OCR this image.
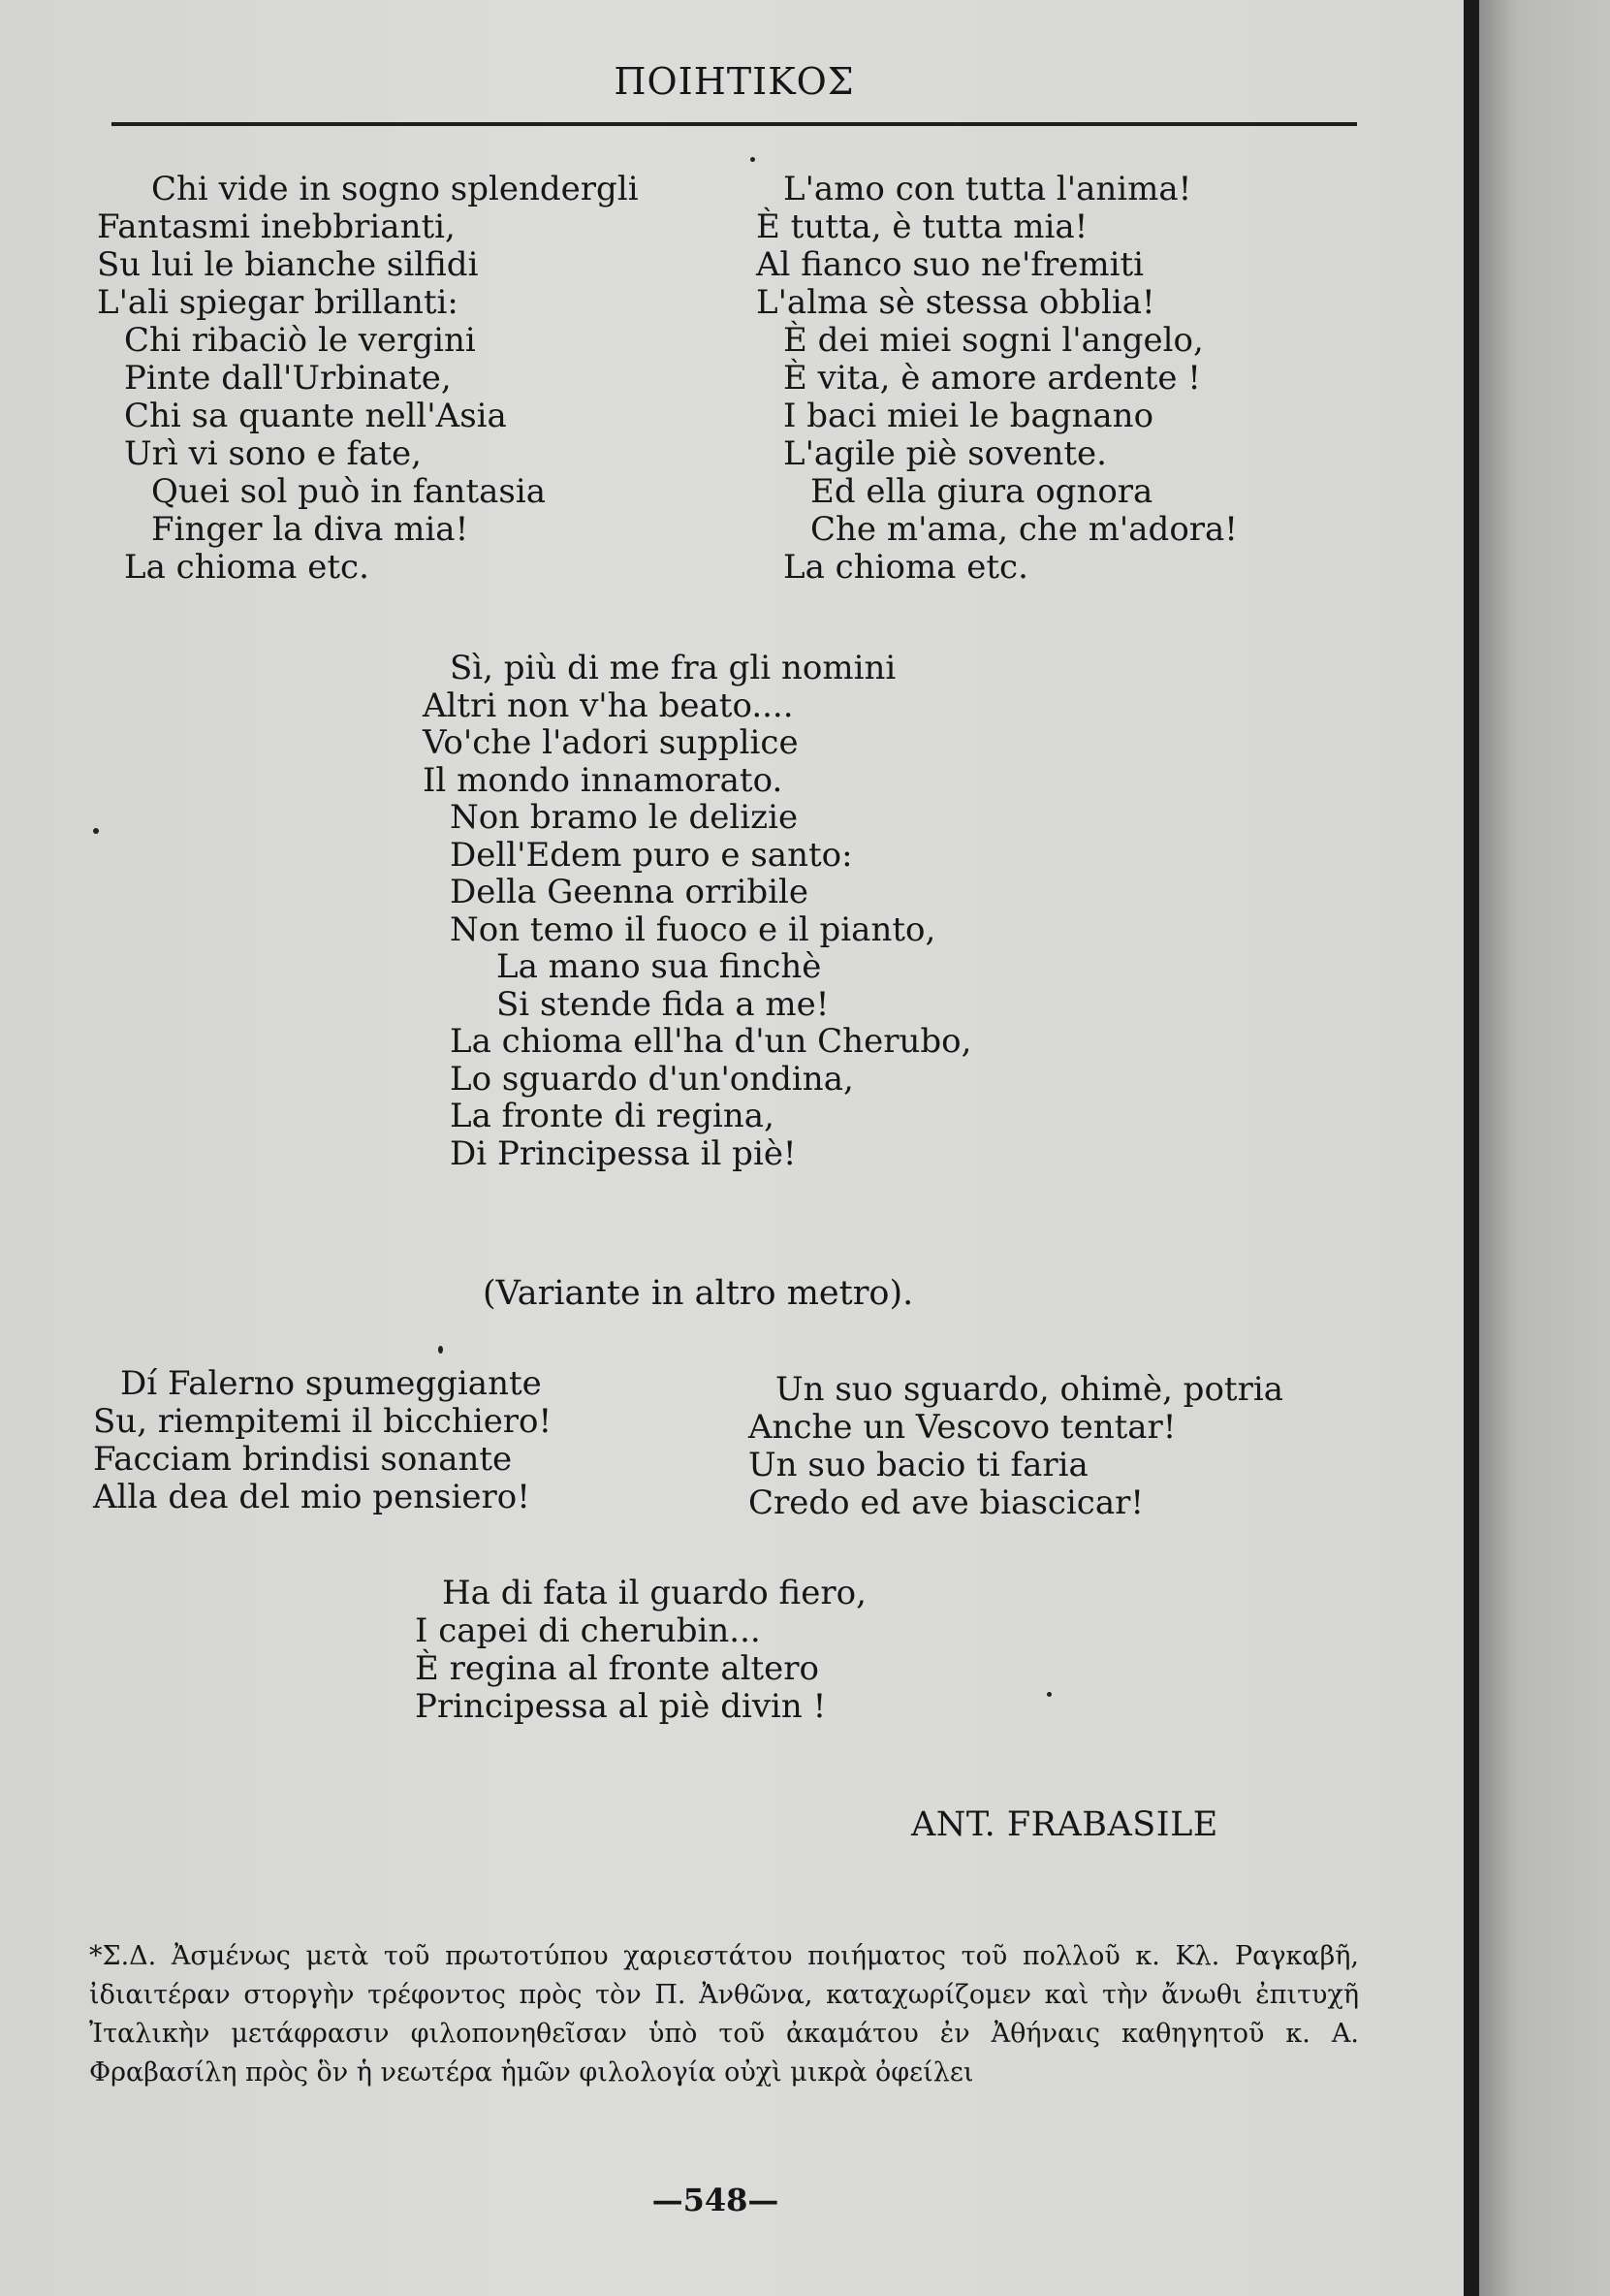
ΠΟΙΗΤΙΚΟΣ
Chi vide in sogno splendergli
Fantasmi inebbrianti,
Su lui le bianche silfidi
L'ali spiegar brillanti:
Chi ribaciò le vergini
Pinte dall'Urbinate,
Chi sa quante nell'Asia
Urì vi sono e fate,
Quei sol può in fantasia
Finger la diva mia!
La chioma etc.
L'amo con tutta l'anima!
È tutta, è tutta mia!
Al fianco suo ne'fremiti
L'alma sè stessa obblia!
È dei miei sogni l'angelo,
È vita, è amore ardente !
I baci miei le bagnano
L'agile piè sovente.
Ed ella giura ognora
Che m'ama, che m'adora!
La chioma etc.
Sì, più di me fra gli nomini
Altri non v'ha beato....
Vo'che l'adori supplice
Il mondo innamorato.
Non bramo le delizie
Dell'Edem puro e santo:
Della Geenna orribile
Non temo il fuoco e il pianto,
La mano sua finchè
Si stende fida a me!
La chioma ell'ha d'un Cherubo,
Lo sguardo d'un'ondina,
La fronte di regina,
Di Principessa il piè!
(Variante in altro metro).
Dí Falerno spumeggiante
Su, riempitemi il bicchiero!
Facciam brindisi sonante
Alla dea del mio pensiero!
Un suo sguardo, ohimè, potria
Anche un Vescovo tentar!
Un suo bacio ti faria
Credo ed ave biascicar!
Ha di fata il guardo fiero,
I capei di cherubin...
È regina al fronte altero
Principessa al piè divin !
ANT. FRABASILE
*Σ.Δ. Ἀσμένως μετὰ τοῦ πρωτοτύπου χαριεστάτου ποιήματος τοῦ πολλοῦ κ. Κλ. Ραγκαβῆ, ἰδιαιτέραν στοργὴν τρέφοντος πρὸς τὸν Π. Ἀνθῶνα, καταχωρίζομεν καὶ τὴν ἄνωθι ἐπιτυχῆ Ἰταλικὴν μετάφρασιν φιλοπονηθεῖσαν ὑπὸ τοῦ ἀκαμάτου ἐν Ἀθήναις καθηγητοῦ κ. Α. Φραβασίλη πρὸς ὃν ἡ νεωτέρα ἡμῶν φιλολογία οὐχὶ μικρὰ ὀφείλει
—548—
